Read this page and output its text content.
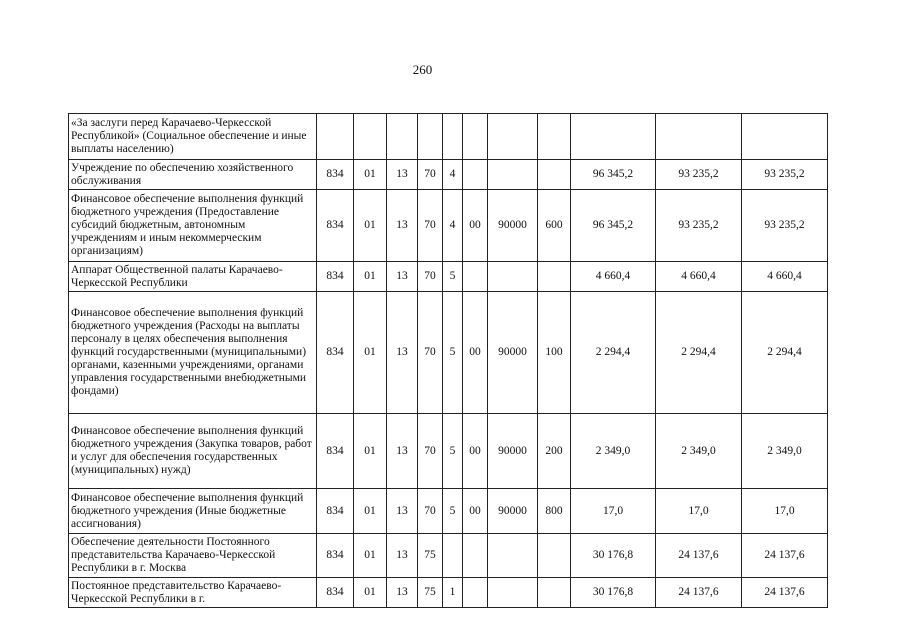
260
«За заслуги перед Карачаево-Черкесской Республикой» (Социальное обеспечение и иные выплаты населению)											
Учреждение по обеспечению хозяйственного обслуживания	834	01	13	70	4				96 345,2	93 235,2	93 235,2
Финансовое обеспечение выполнения функций бюджетного учреждения (Предоставление субсидий бюджетным, автономным учреждениям и иным некоммерческим организациям)	834	01	13	70	4	00	90000	600	96 345,2	93 235,2	93 235,2
Аппарат Общественной палаты Карачаево-Черкесской Республики	834	01	13	70	5				4 660,4	4 660,4	4 660,4
Финансовое обеспечение выполнения функций бюджетного учреждения (Расходы на выплаты персоналу в целях обеспечения выполнения функций государственными (муниципальными) органами, казенными учреждениями, органами управления государственными внебюджетными фондами)	834	01	13	70	5	00	90000	100	2 294,4	2 294,4	2 294,4
Финансовое обеспечение выполнения функций бюджетного учреждения (Закупка товаров, работ и услуг для обеспечения государственных (муниципальных) нужд)	834	01	13	70	5	00	90000	200	2 349,0	2 349,0	2 349,0
Финансовое обеспечение выполнения функций бюджетного учреждения (Иные бюджетные ассигнования)	834	01	13	70	5	00	90000	800	17,0	17,0	17,0
Обеспечение деятельности Постоянного представительства Карачаево-Черкесской Республики в г. Москва	834	01	13	75					30 176,8	24 137,6	24 137,6
Постоянное представительство Карачаево-Черкесской Республики в г.	834	01	13	75	1				30 176,8	24 137,6	24 137,6
